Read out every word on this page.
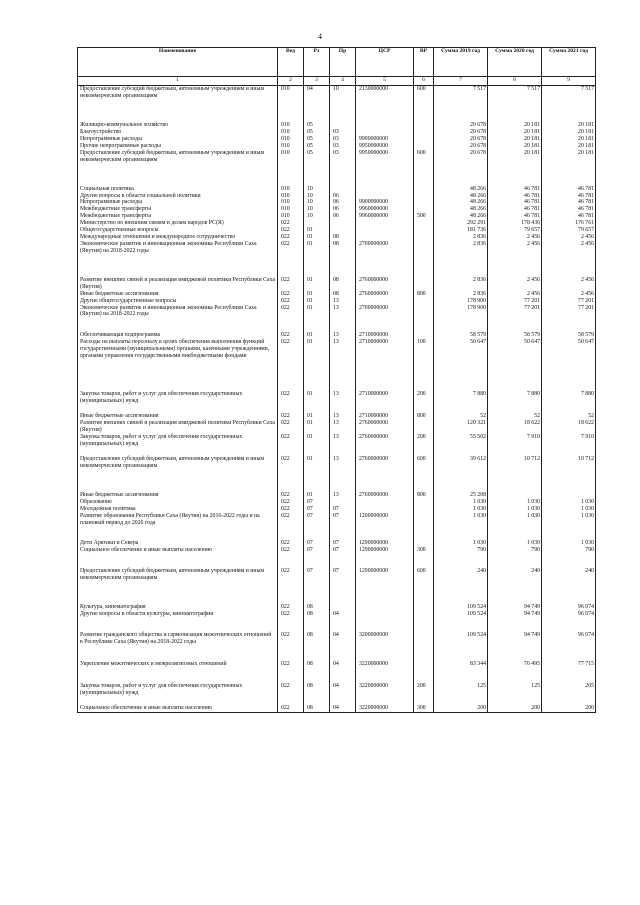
4
Наименование	Вед	Рз	Пр	ЦСР	ВР	Сумма 2019 год	Сумма 2020 год	Сумма 2021 год
1	2	3	4	5	6	7	8	9
Предоставление субсидий бюджетным, автономным учреждениям и иным некоммерческим организациям	010	04	10	2130000000	600	7 517	7 517	7 517

Жилищно-коммунальное хозяйство	010	05				20 678	20 181	20 181
Благоустройство	010	05	03			20 678	20 181	20 181
Непрограммные расходы	010	05	03	9900000000		20 678	20 181	20 181
Прочие непрограммные расходы	010	05	03	9950000000		20 678	20 181	20 181
Предоставление субсидий бюджетным, автономным учреждениям и иным некоммерческим организациям	010	05	03	9950000000	600	20 678	20 181	20 181

Социальная политика	010	10				48 266	46 781	46 781
Другие вопросы в области социальной политики	010	10	06			48 266	46 781	46 781
Непрограммные расходы	010	10	06	9900000000		48 266	46 781	46 781
Межбюджетные трансферты	010	10	06	9960000000		48 266	46 781	46 781
Межбюджетные трансферты	010	10	06	9960000000	500	48 266	46 781	46 781
Министерство по внешним связям и делам народов РС(Я)	022					292 291	178 436	176 761
Общегосударственные вопросы	022	01				181 736	79 657	79 657
Международные отношения и международное сотрудничество	022	01	08			2 836	2 456	2 456
Экономическое развитие и инновационная экономика Республики Саха (Якутия) на 2018-2022 годы	022	01	08	2700000000		2 836	2 456	2 456

Развитие внешних связей и реализация имиджевой политики Республики Саха (Якутия)	022	01	08	2760000000		2 836	2 456	2 456
Иные бюджетные ассигнования	022	01	08	2760000000	800	2 836	2 456	2 456
Другие общегосударственные вопросы	022	01	13			178 900	77 201	77 201
Экономическое развитие и инновационная экономика Республики Саха (Якутия) на 2018-2022 годы	022	01	13	2700000000		178 900	77 201	77 201

Обеспечивающая подпрограмма	022	01	13	2710000000		58 579	58 579	58 579
Расходы на выплаты персоналу в целях обеспечения выполнения функций государственными (муниципальными) органами, казенными учреждениями, органами управления государственными внебюджетными фондами	022	01	13	2710000000	100	50 647	50 647	50 647
Закупка товаров, работ и услуг для обеспечения государственных (муниципальных) нужд	022	01	13	2710000000	200	7 880	7 880	7 880
Иные бюджетные ассигнования	022	01	13	2710000000	800	52	52	52
Развитие внешних связей и реализация имиджевой политики Республики Саха (Якутия)	022	01	13	2760000000		120 321	18 622	18 622
Закупка товаров, работ и услуг для обеспечения государственных (муниципальных) нужд	022	01	13	2760000000	200	55 502	7 910	7 910
Предоставление субсидий бюджетным, автономным учреждениям и иным некоммерческим организациям	022	01	13	2760000000	600	39 612	10 712	10 712

Иные бюджетные ассигнования	022	01	13	2760000000	800	25 208		
Образование	022	07				1 030	1 030	1 030
Молодежная политика	022	07	07			1 030	1 030	1 030
Развитие образования Республики Саха (Якутия) на 2016-2022 годы и на плановый период до 2026 года	022	07	07	1200000000		1 030	1 030	1 030

Дети Арктики и Севера	022	07	07	1290000000		1 030	1 030	1 030
Социальное обеспечение и иные выплаты населению	022	07	07	1290000000	300	790	790	790

Предоставление субсидий бюджетным, автономным учреждениям и иным некоммерческим организациям	022	07	07	1290000000	600	240	240	240

Культура, кинематография	022	08				109 524	94 749	96 074
Другие вопросы в области культуры, кинематографии	022	08	04			109 524	94 749	96 074

Развитие гражданского общества и гармонизация межэтнических отношений в Республике Саха (Якутия) на 2018-2022 годы	022	08	04	3200000000		109 524	94 749	96 074
Укрепление межэтнических и межрелигиозных отношений	022	08	04	3220000000		83 344	76 495	77 715
Закупка товаров, работ и услуг для обеспечения государственных (муниципальных) нужд	022	08	04	3220000000	200	125	125	205
Социальное обеспечение и иные выплаты населению	022	08	04	3220000000	300	200	200	200
